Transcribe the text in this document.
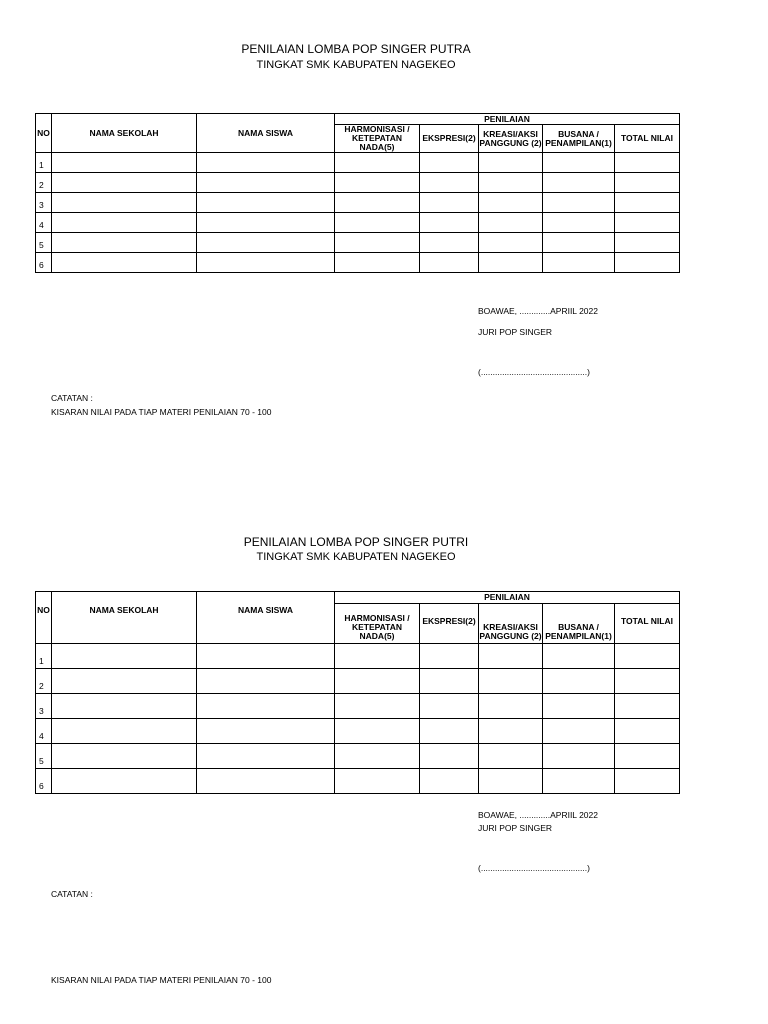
PENILAIAN LOMBA POP SINGER PUTRA
TINGKAT SMK KABUPATEN NAGEKEO
NO	NAMA SEKOLAH	NAMA SISWA	PENILAIAN				
			HARMONISASI / KETEPATAN NADA(5)	EKSPRESI(2)	KREASI/AKSI PANGGUNG (2)	BUSANA / PENAMPILAN(1)	TOTAL NILAI
1							
2							
3							
4							
5							
6							
BOAWAE, .............APRIIL 2022
JURI POP SINGER
(.............................................)
CATATAN :
KISARAN NILAI PADA TIAP MATERI PENILAIAN 70 - 100
PENILAIAN LOMBA POP SINGER PUTRI
TINGKAT SMK KABUPATEN NAGEKEO
NO	NAMA SEKOLAH	NAMA SISWA	PENILAIAN				
			HARMONISASI / KETEPATAN NADA(5)	EKSPRESI(2)	KREASI/AKSI PANGGUNG (2)	BUSANA / PENAMPILAN(1)	TOTAL NILAI
1							
2							
3							
4							
5							
6							
BOAWAE, .............APRIIL 2022
JURI POP SINGER
(.............................................)
CATATAN :
KISARAN NILAI PADA TIAP MATERI PENILAIAN 70 - 100
